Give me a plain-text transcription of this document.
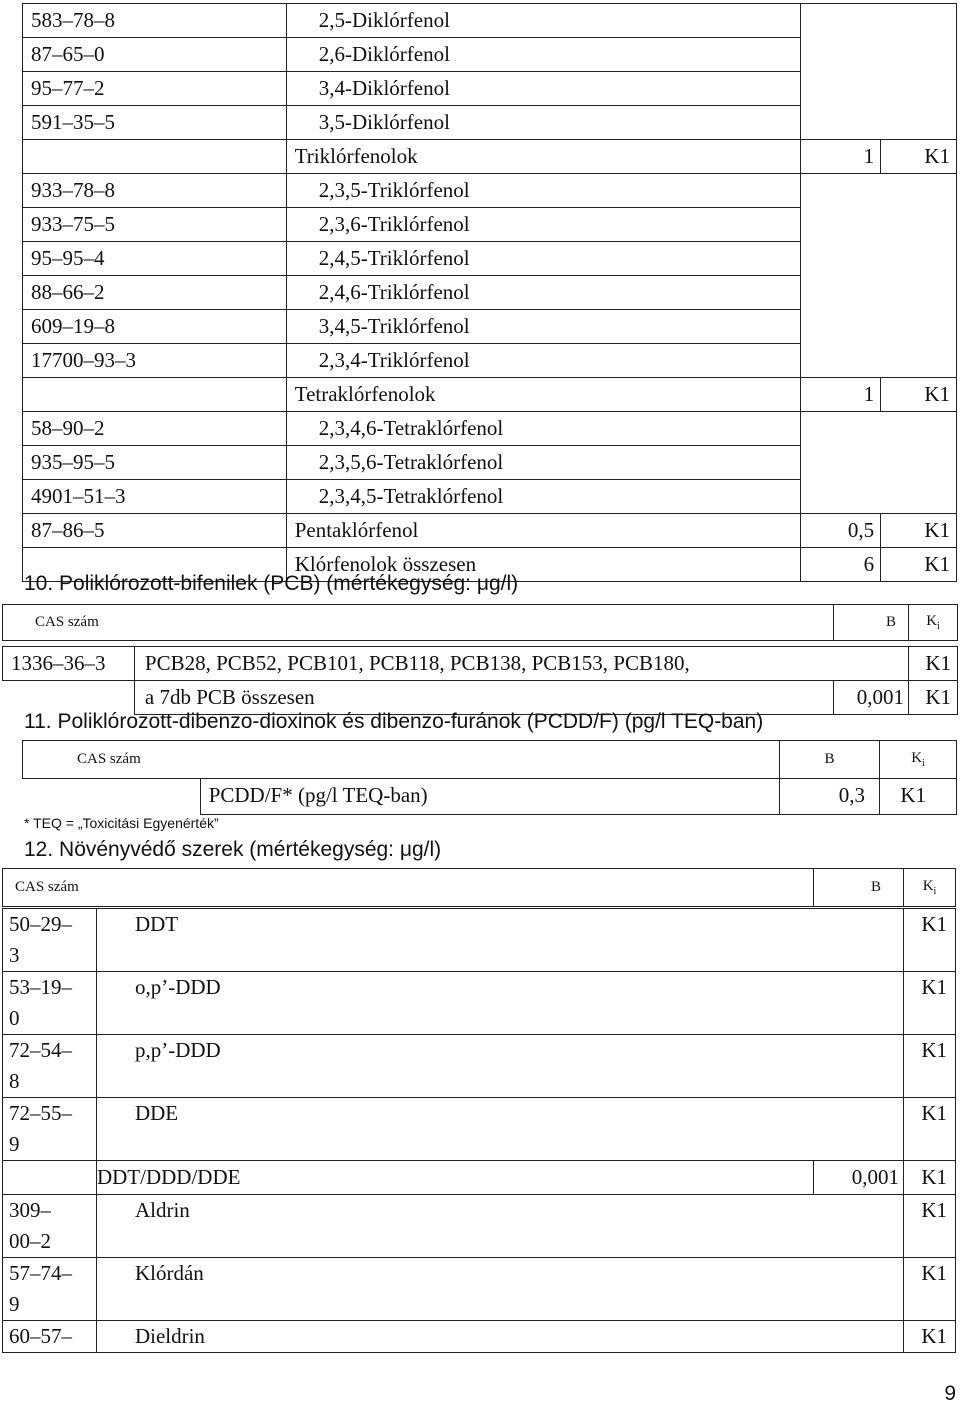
583–78–8	2,5-Diklórfenol		

87–65–0	2,6-Diklórfenol		

95–77–2	3,4-Diklórfenol		

591–35–5	3,5-Diklórfenol		

	Triklórfenolok	1	K1

933–78–8	2,3,5-Triklórfenol		

933–75–5	2,3,6-Triklórfenol		

95–95–4	2,4,5-Triklórfenol		

88–66–2	2,4,6-Triklórfenol		

609–19–8	3,4,5-Triklórfenol		

17700–93–3	2,3,4-Triklórfenol		

	Tetraklórfenolok	1	K1

58–90–2	2,3,4,6-Tetraklórfenol		

935–95–5	2,3,5,6-Tetraklórfenol		

4901–51–3	2,3,4,5-Tetraklórfenol		

87–86–5	Pentaklórfenol	0,5	K1

	Klórfenolok összesen	6	K1
10. Poliklórozott-bifenilek (PCB) (mértékegység: μg/l)
CAS szám		B	$K_i$

1336–36–3	PCB28, PCB52, PCB101, PCB118, PCB138, PCB153, PCB180,		K1

	a 7db PCB összesen	0,001	K1
11. Poliklórozott-dibenzo-dioxinok és dibenzo-furánok (PCDD/F) (pg/l TEQ-ban)
CAS szám		B	$K_i$

	PCDD/F* (pg/l TEQ-ban)	0,3	K1
* TEQ = „Toxicitási Egyenérték”
12. Növényvédő szerek (mértékegység: μg/l)
CAS szám		B	$K_i$

50–29–
3	DDT		K1

53–19–
0	o,p’-DDD		K1

72–54–
8	p,p’-DDD		K1

72–55–
9	DDE		K1

	DDT/DDD/DDE	0,001	K1

309–
00–2	Aldrin		K1

57–74–
9	Klórdán		K1

60–57–	Dieldrin		K1
9
